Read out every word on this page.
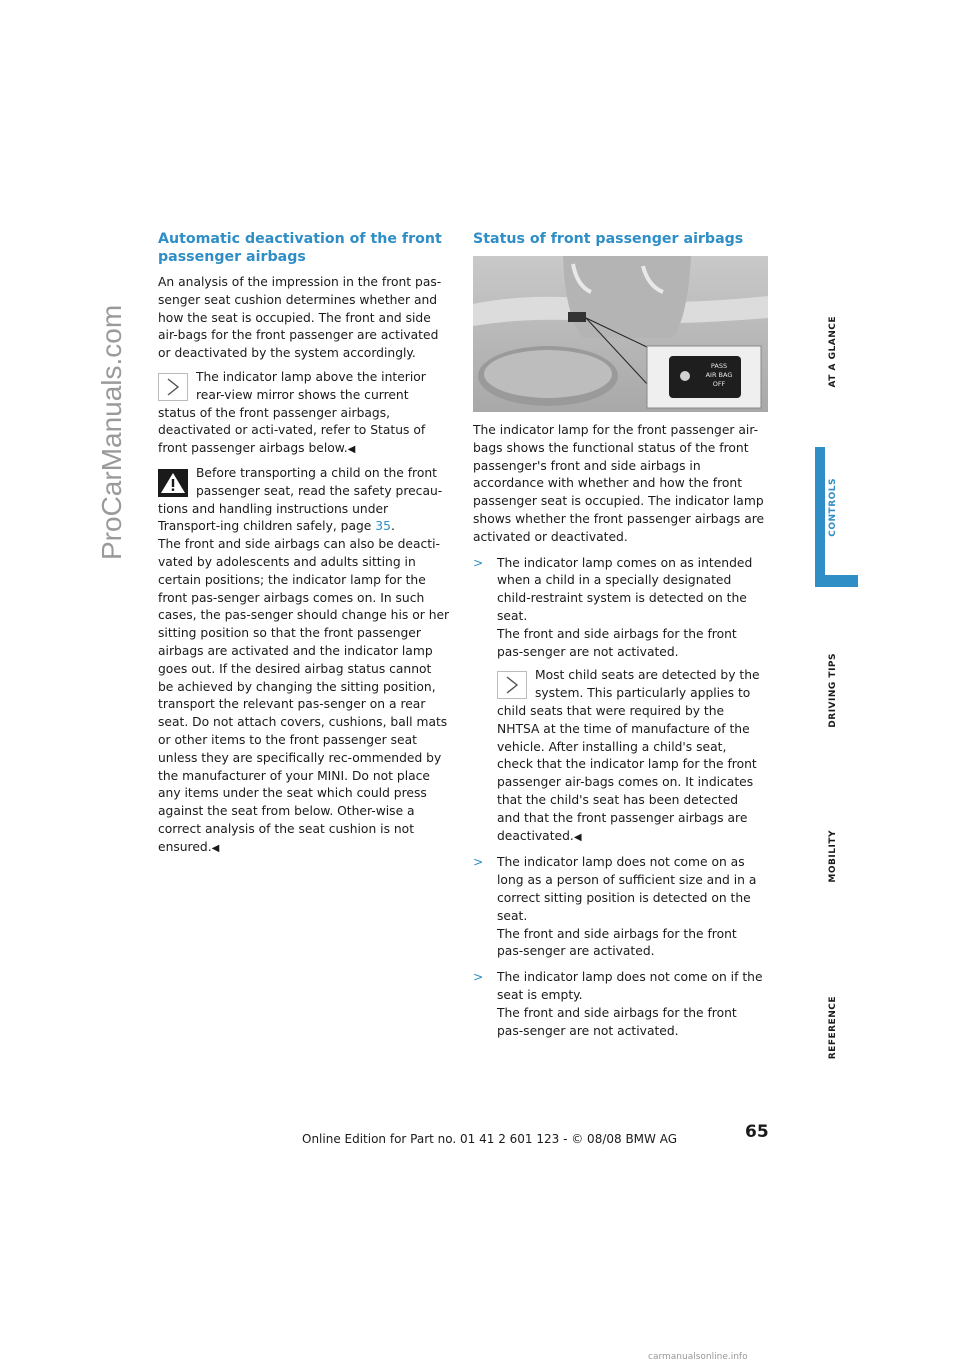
ProCarManuals.com
Automatic deactivation of the front passenger airbags

An analysis of the impression in the front pas-senger seat cushion determines whether and how the seat is occupied. The front and side air-bags for the front passenger are activated or deactivated by the system accordingly.

The indicator lamp above the interior rear-view mirror shows the current status of the front passenger airbags, deactivated or acti-vated, refer to Status of front passenger airbags below.◀

Before transporting a child on the front passenger seat, read the safety precau-tions and handling instructions under Transport-ing children safely, page 35.

The front and side airbags can also be deacti-vated by adolescents and adults sitting in certain positions; the indicator lamp for the front pas-senger airbags comes on. In such cases, the pas-senger should change his or her sitting position so that the front passenger airbags are activated and the indicator lamp goes out. If the desired airbag status cannot be achieved by changing the sitting position, transport the relevant pas-senger on a rear seat. Do not attach covers, cushions, ball mats or other items to the front passenger seat unless they are specifically rec-ommended by the manufacturer of your MINI. Do not place any items under the seat which could press against the seat from below. Other-wise a correct analysis of the seat cushion is not ensured.◀

Status of front passenger airbags
PASS
AIR BAG
OFF

The indicator lamp for the front passenger air-bags shows the functional status of the front passenger's front and side airbags in accordance with whether and how the front passenger seat is occupied. The indicator lamp shows whether the front passenger airbags are activated or deactivated.

> The indicator lamp comes on as intended when a child in a specially designated child-restraint system is detected on the seat.
The front and side airbags for the front pas-senger are not activated.

Most child seats are detected by the system. This particularly applies to child seats that were required by the NHTSA at the time of manufacture of the vehicle. After installing a child's seat, check that the indicator lamp for the front passenger air-bags comes on. It indicates that the child's seat has been detected and that the front passenger airbags are deactivated.◀

> The indicator lamp does not come on as long as a person of sufficient size and in a correct sitting position is detected on the seat.
The front and side airbags for the front pas-senger are activated.
> The indicator lamp does not come on if the seat is empty.
The front and side airbags for the front pas-senger are not activated.
AT A GLANCE
CONTROLS
DRIVING TIPS
MOBILITY
REFERENCE
65
Online Edition for Part no. 01 41 2 601 123 - © 08/08 BMW AG
carmanualsonline.info
